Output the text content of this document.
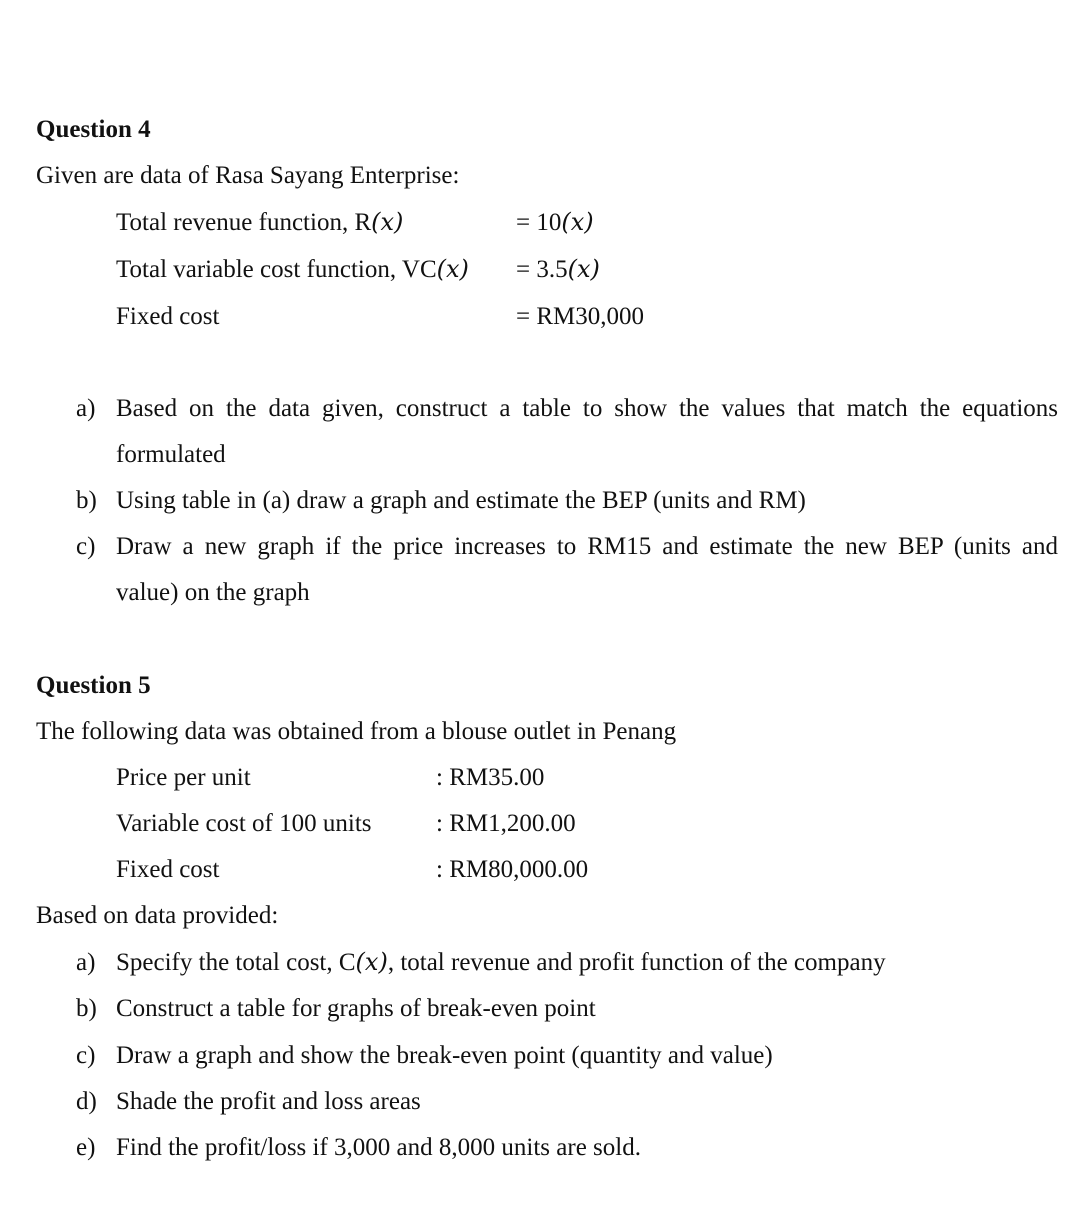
Question 4
Given are data of Rasa Sayang Enterprise:
Total revenue function, R(x)	= 10(x)
Total variable cost function, VC(x) = 3.5(x)
Fixed cost	= RM30,000
a) Based on the data given, construct a table to show the values that match the equations
formulated
b) Using table in (a) draw a graph and estimate the BEP (units and RM)
c) Draw a new graph if the price increases to RM15 and estimate the new BEP (units and
value) on the graph
Question 5
The following data was obtained from a blouse outlet in Penang
Price per unit	: RM35.00
Variable cost of 100 units	: RM1,200.00
Fixed cost	: RM80,000.00
Based on data provided:
a) Specify the total cost, C(x), total revenue and profit function of the company
b) Construct a table for graphs of break-even point
c) Draw a graph and show the break-even point (quantity and value)
d) Shade the profit and loss areas
e) Find the profit/loss if 3,000 and 8,000 units are sold.
